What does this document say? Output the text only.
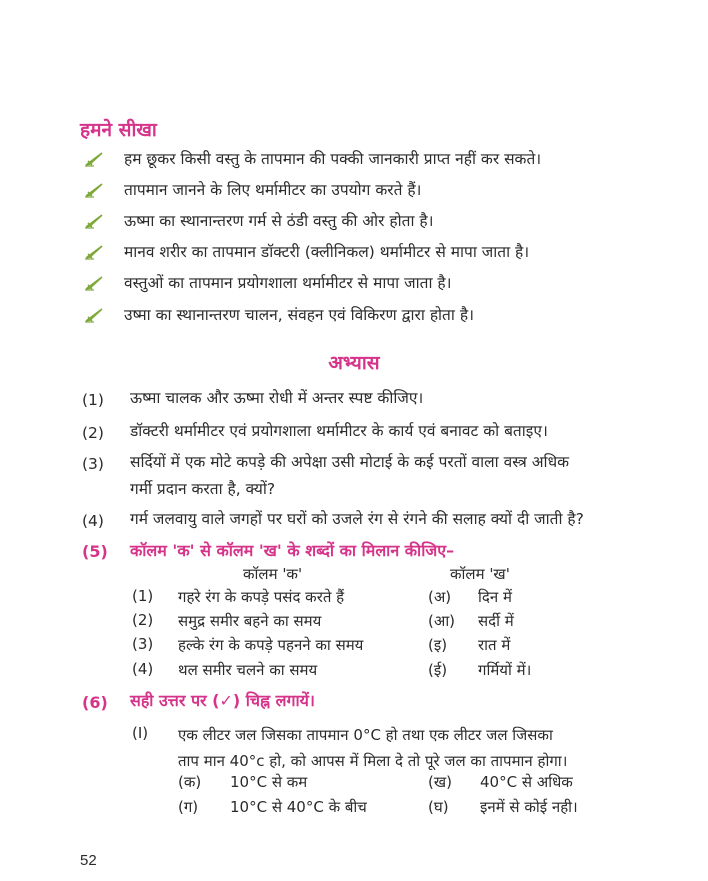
हमने सीखा
हम छूकर किसी वस्तु के तापमान की पक्की जानकारी प्राप्त नहीं कर सकते।
तापमान जानने के लिए थर्मामीटर का उपयोग करते हैं।
ऊष्मा का स्थानान्तरण गर्म से ठंडी वस्तु की ओर होता है।
मानव शरीर का तापमान डॉक्टरी (क्लीनिकल) थर्मामीटर से मापा जाता है।
वस्तुओं का तापमान प्रयोगशाला थर्मामीटर से मापा जाता है।
उष्मा का स्थानान्तरण चालन, संवहन एवं विकिरण द्वारा होता है।
अभ्यास
(1) ऊष्मा चालक और ऊष्मा रोधी में अन्तर स्पष्ट कीजिए।
(2) डॉक्टरी थर्मामीटर एवं प्रयोगशाला थर्मामीटर के कार्य एवं बनावट को बताइए।
(3) सर्दियों में एक मोटे कपड़े की अपेक्षा उसी मोटाई के कई परतों वाला वस्त्र अधिक
गर्मी प्रदान करता है, क्यों?
(4) गर्म जलवायु वाले जगहों पर घरों को उजले रंग से रंगने की सलाह क्यों दी जाती है?
(5) कॉलम 'क' से कॉलम 'ख' के शब्दों का मिलान कीजिए–
कॉलम 'क'	कॉलम 'ख'
(1) गहरे रंग के कपड़े पसंद करते हैं	(अ) दिन में
(2) समुद्र समीर बहने का समय	(आ) सर्दी में
(3) हल्के रंग के कपड़े पहनने का समय	(इ) रात में
(4) थल समीर चलने का समय	(ई) गर्मियों में।
(6) सही उत्तर पर (✓) चिह्न लगायें।
(I) एक लीटर जल जिसका तापमान 0°C हो तथा एक लीटर जल जिसका
ताप मान 40°c हो, को आपस में मिला दे तो पूरे जल का तापमान होगा।
(क) 10°C से कम	(ख) 40°C से अधिक
(ग) 10°C से 40°C के बीच	(घ) इनमें से कोई नही।
52
